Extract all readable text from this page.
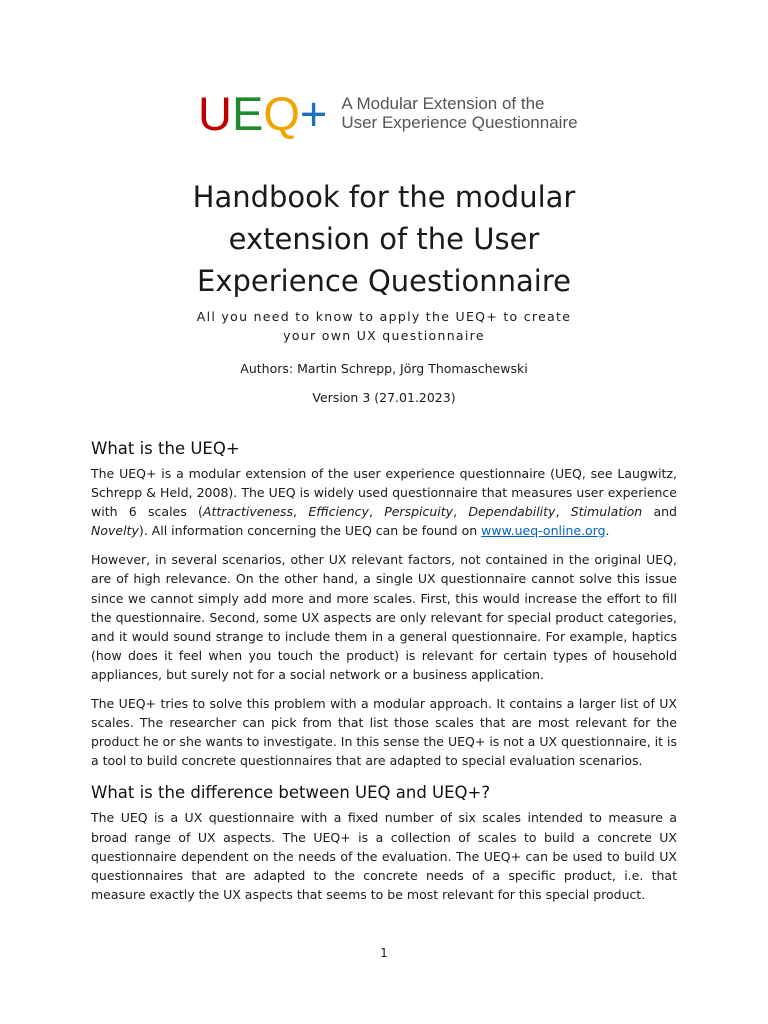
UEQ+ A Modular Extension of the
User Experience Questionnaire
Handbook for the modular
extension of the User
Experience Questionnaire
All you need to know to apply the UEQ+ to create
your own UX questionnaire
Authors: Martin Schrepp, Jörg Thomaschewski
Version 3 (27.01.2023)
What is the UEQ+

The UEQ+ is a modular extension of the user experience questionnaire (UEQ, see Laugwitz, Schrepp & Held, 2008). The UEQ is widely used questionnaire that measures user experience with 6 scales (Attractiveness, Efficiency, Perspicuity, Dependability, Stimulation and Novelty). All information concerning the UEQ can be found on www.ueq-online.org.

However, in several scenarios, other UX relevant factors, not contained in the original UEQ, are of high relevance. On the other hand, a single UX questionnaire cannot solve this issue since we cannot simply add more and more scales. First, this would increase the effort to fill the questionnaire. Second, some UX aspects are only relevant for special product categories, and it would sound strange to include them in a general questionnaire. For example, haptics (how does it feel when you touch the product) is relevant for certain types of household appliances, but surely not for a social network or a business application.

The UEQ+ tries to solve this problem with a modular approach. It contains a larger list of UX scales. The researcher can pick from that list those scales that are most relevant for the product he or she wants to investigate. In this sense the UEQ+ is not a UX questionnaire, it is a tool to build concrete questionnaires that are adapted to special evaluation scenarios.

What is the difference between UEQ and UEQ+?

The UEQ is a UX questionnaire with a fixed number of six scales intended to measure a broad range of UX aspects. The UEQ+ is a collection of scales to build a concrete UX questionnaire dependent on the needs of the evaluation. The UEQ+ can be used to build UX questionnaires that are adapted to the concrete needs of a specific product, i.e. that measure exactly the UX aspects that seems to be most relevant for this special product.

1
